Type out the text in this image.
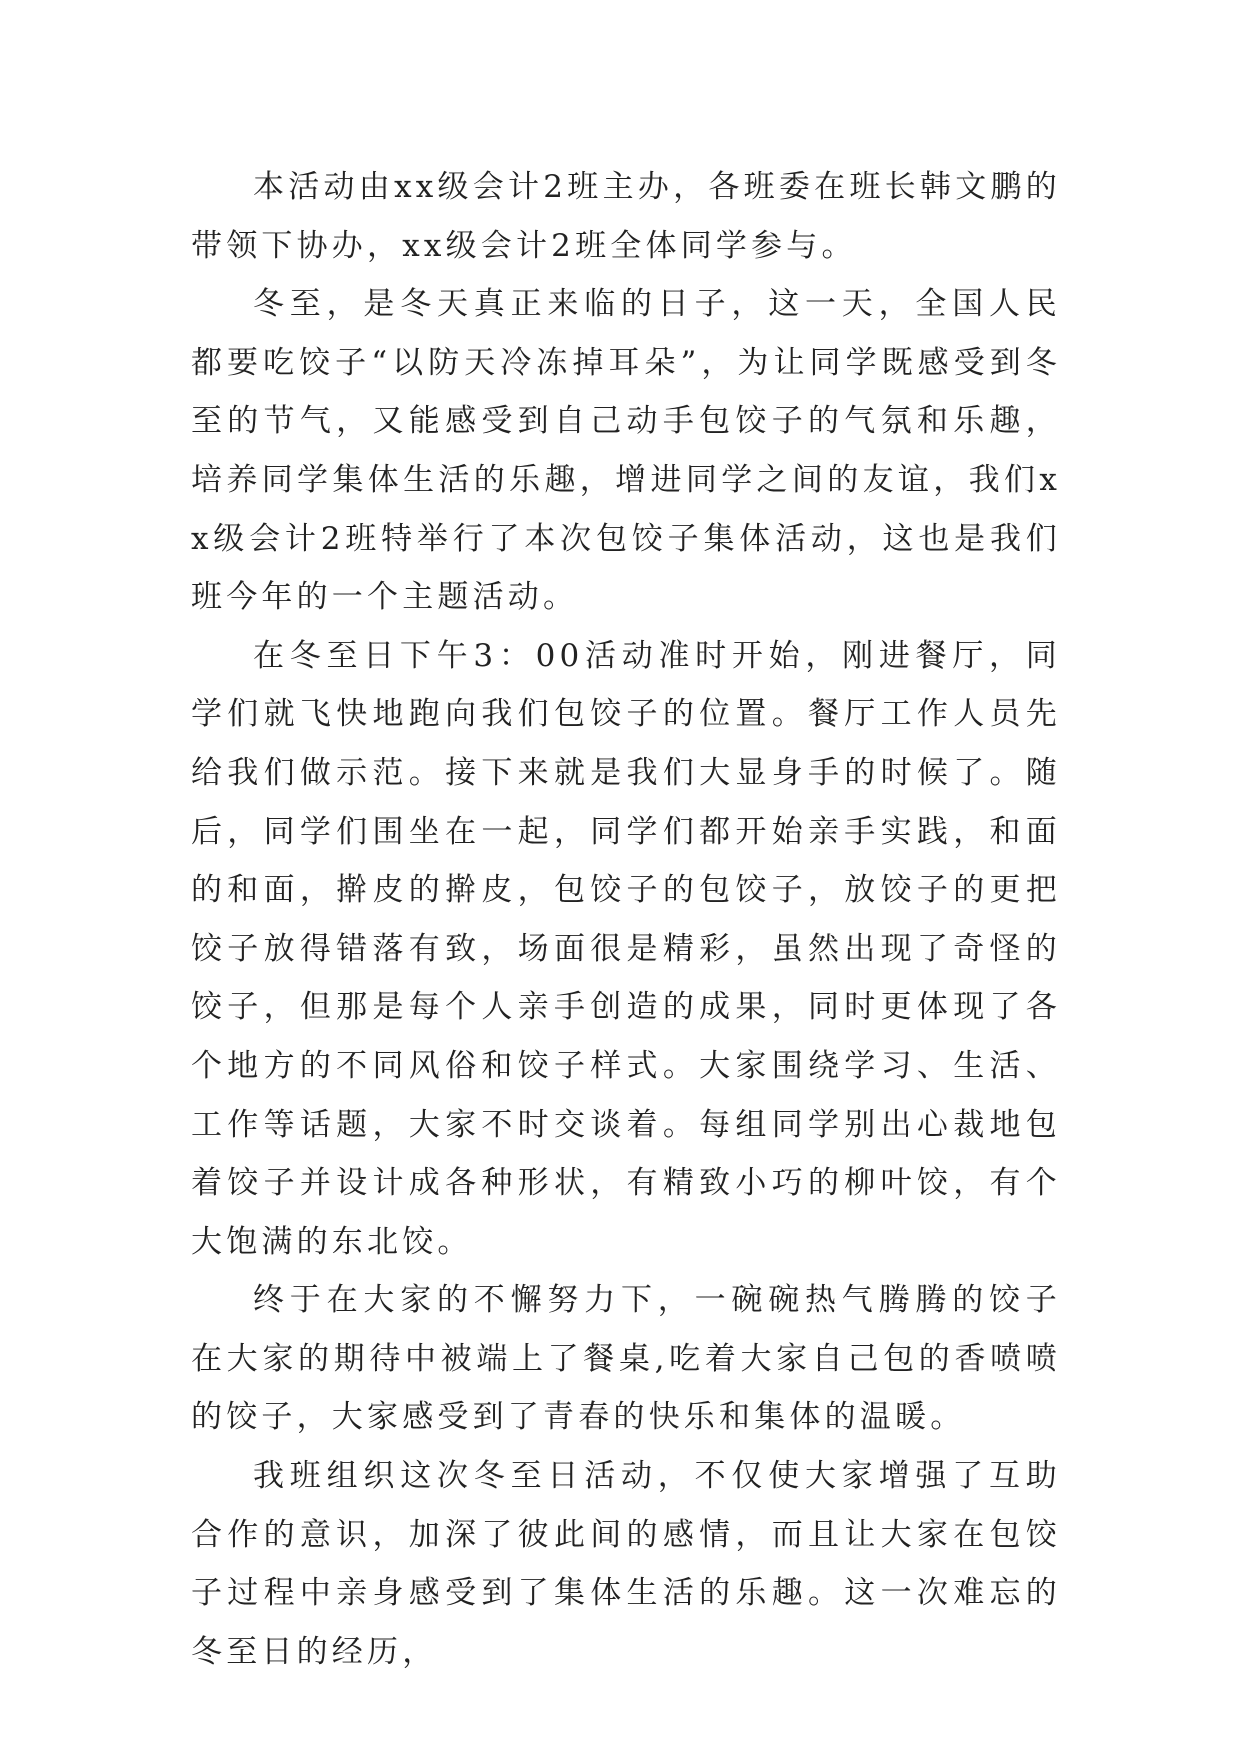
本活动由xx级会计2班主办，各班委在班长韩文鹏的带领下协办，xx级会计2班全体同学参与。

冬至，是冬天真正来临的日子，这一天，全国人民都要吃饺子“以防天冷冻掉耳朵”，为让同学既感受到冬至的节气，又能感受到自己动手包饺子的气氛和乐趣，培养同学集体生活的乐趣，增进同学之间的友谊，我们xx级会计2班特举行了本次包饺子集体活动，这也是我们班今年的一个主题活动。

在冬至日下午3：00活动准时开始，刚进餐厅，同学们就飞快地跑向我们包饺子的位置。餐厅工作人员先给我们做示范。接下来就是我们大显身手的时候了。随后，同学们围坐在一起，同学们都开始亲手实践，和面的和面，擀皮的擀皮，包饺子的包饺子，放饺子的更把饺子放得错落有致，场面很是精彩，虽然出现了奇怪的饺子，但那是每个人亲手创造的成果，同时更体现了各个地方的不同风俗和饺子样式。大家围绕学习、生活、工作等话题，大家不时交谈着。每组同学别出心裁地包着饺子并设计成各种形状，有精致小巧的柳叶饺，有个大饱满的东北饺。

终于在大家的不懈努力下，一碗碗热气腾腾的饺子在大家的期待中被端上了餐桌,吃着大家自己包的香喷喷的饺子，大家感受到了青春的快乐和集体的温暖。

我班组织这次冬至日活动，不仅使大家增强了互助合作的意识，加深了彼此间的感情，而且让大家在包饺子过程中亲身感受到了集体生活的乐趣。这一次难忘的冬至日的经历，
